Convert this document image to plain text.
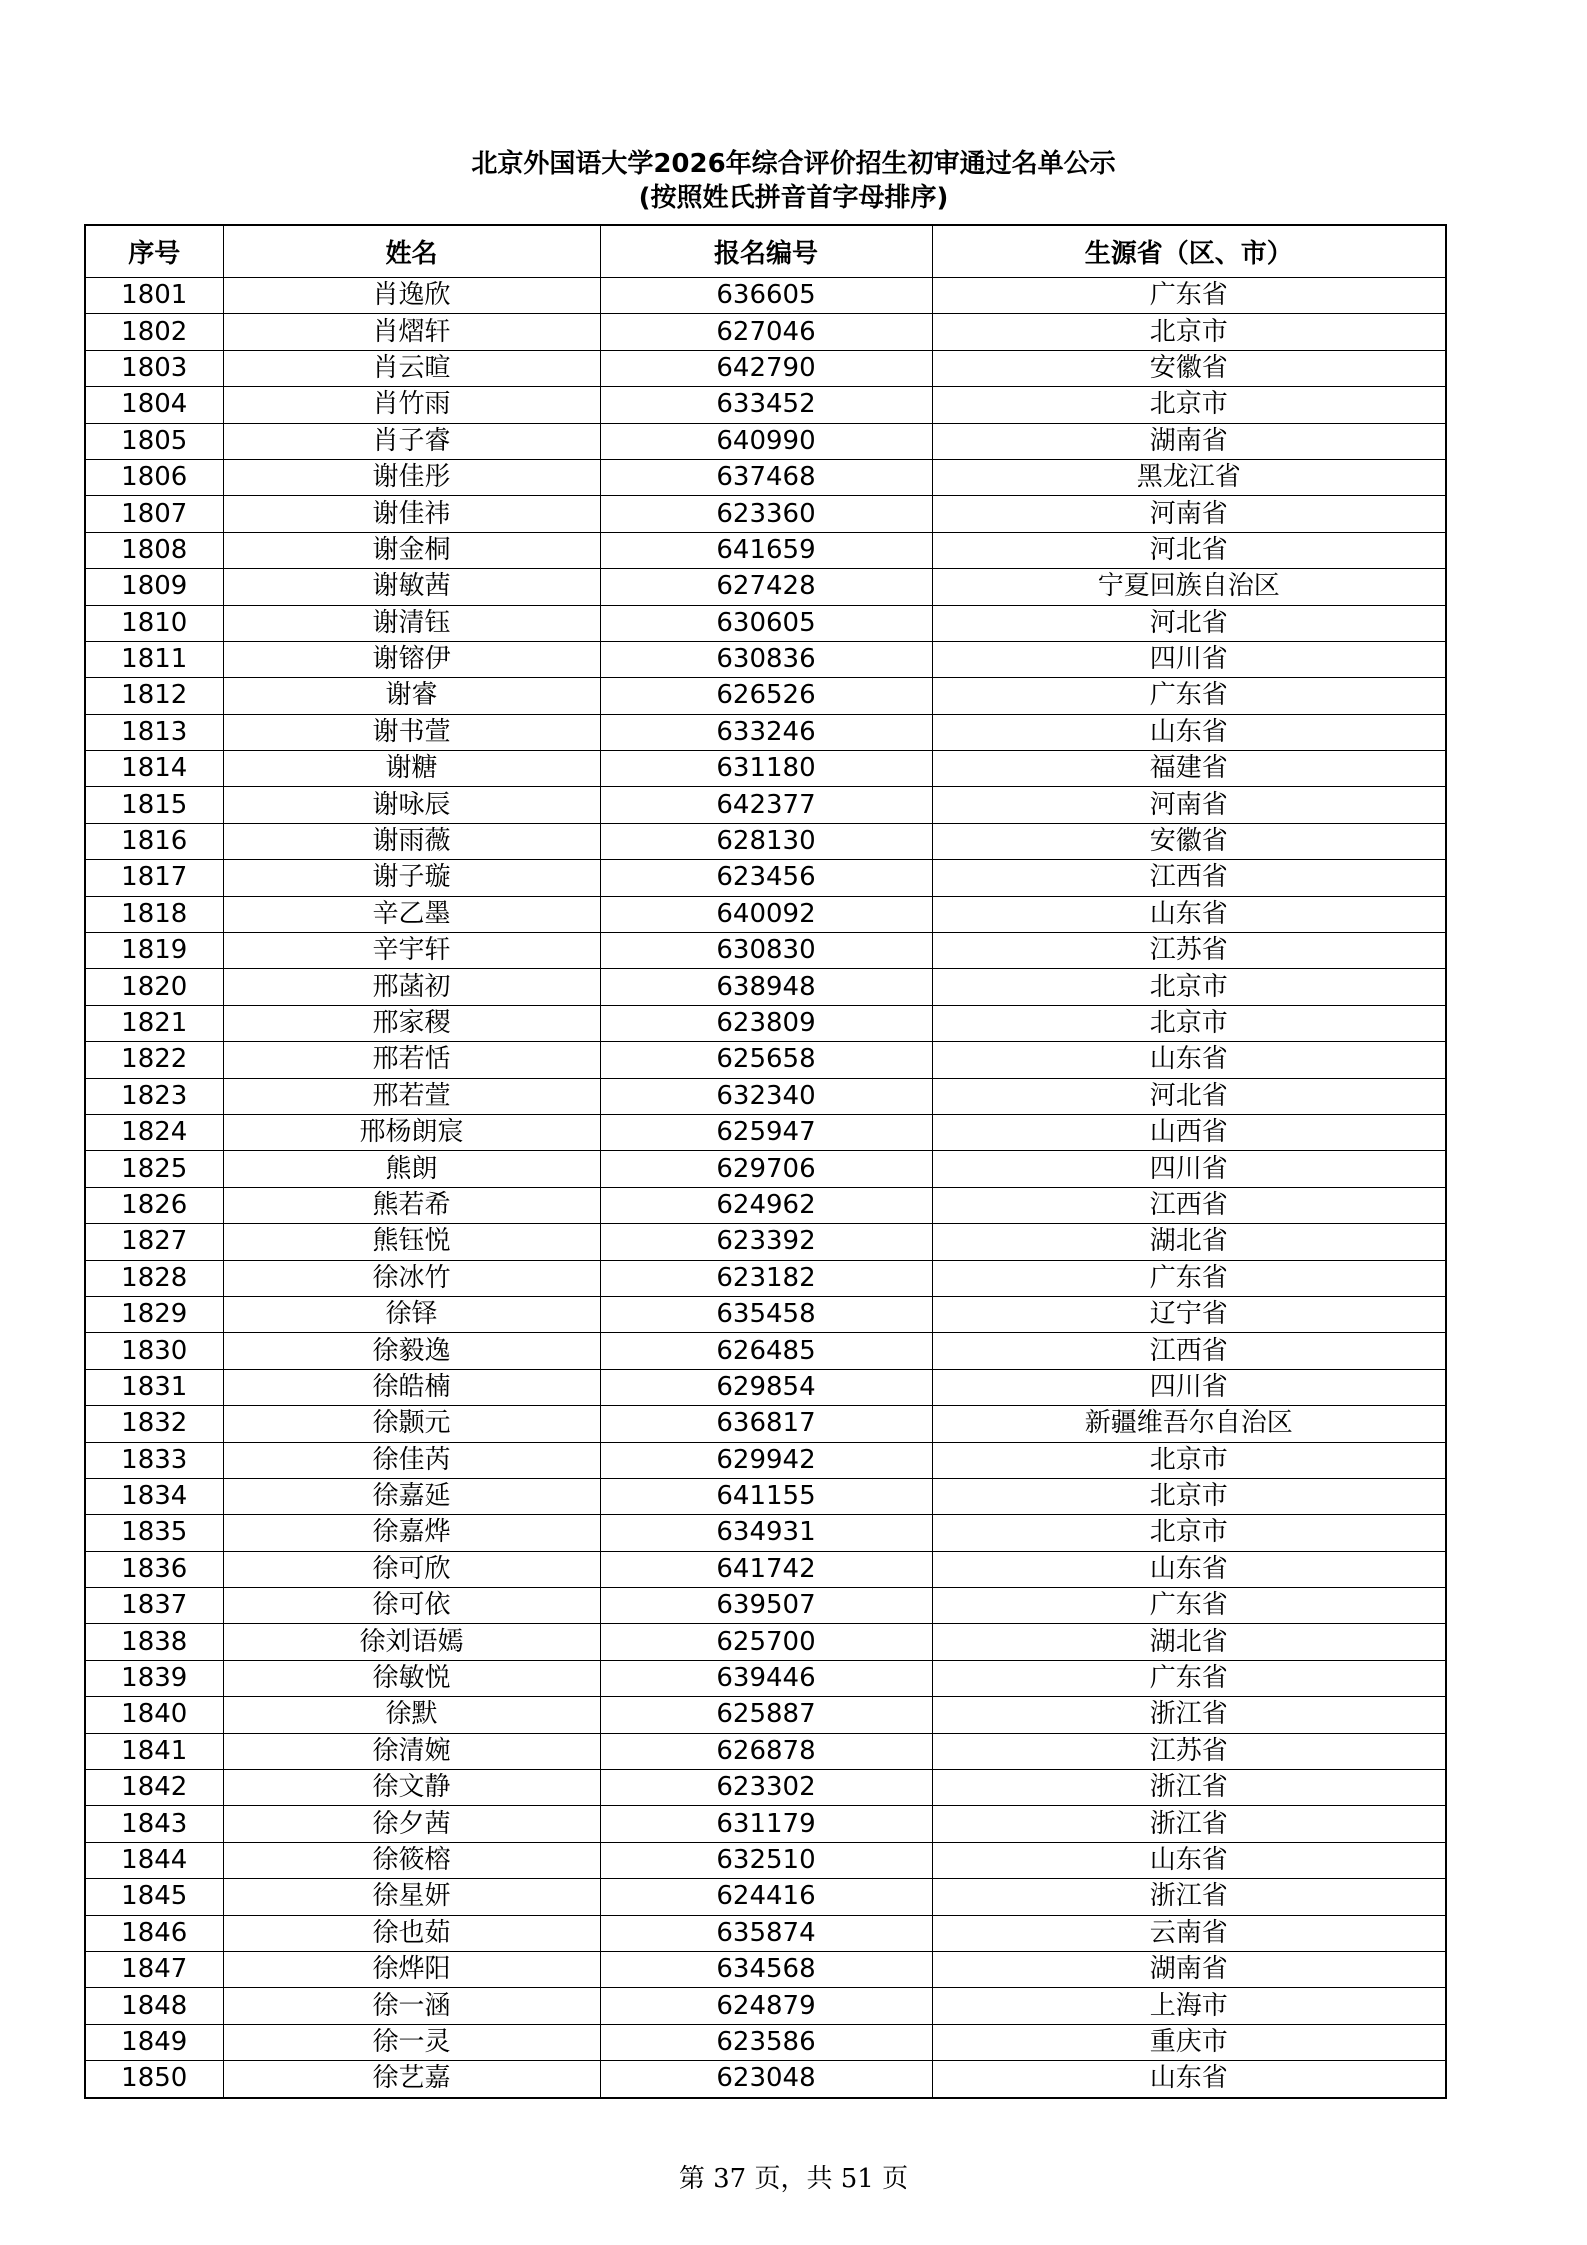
北京外国语大学2026年综合评价招生初审通过名单公示
(按照姓氏拼音首字母排序)
序号	姓名	报名编号	生源省（区、市）
1801	肖逸欣	636605	广东省
1802	肖熠轩	627046	北京市
1803	肖云暄	642790	安徽省
1804	肖竹雨	633452	北京市
1805	肖子睿	640990	湖南省
1806	谢佳彤	637468	黑龙江省
1807	谢佳祎	623360	河南省
1808	谢金桐	641659	河北省
1809	谢敏茜	627428	宁夏回族自治区
1810	谢清钰	630605	河北省
1811	谢镕伊	630836	四川省
1812	谢睿	626526	广东省
1813	谢书萱	633246	山东省
1814	谢糖	631180	福建省
1815	谢咏辰	642377	河南省
1816	谢雨薇	628130	安徽省
1817	谢子璇	623456	江西省
1818	辛乙墨	640092	山东省
1819	辛宇轩	630830	江苏省
1820	邢菡初	638948	北京市
1821	邢家稷	623809	北京市
1822	邢若恬	625658	山东省
1823	邢若萱	632340	河北省
1824	邢杨朗宸	625947	山西省
1825	熊朗	629706	四川省
1826	熊若希	624962	江西省
1827	熊钰悦	623392	湖北省
1828	徐冰竹	623182	广东省
1829	徐铎	635458	辽宁省
1830	徐毅逸	626485	江西省
1831	徐皓楠	629854	四川省
1832	徐颢元	636817	新疆维吾尔自治区
1833	徐佳芮	629942	北京市
1834	徐嘉延	641155	北京市
1835	徐嘉烨	634931	北京市
1836	徐可欣	641742	山东省
1837	徐可依	639507	广东省
1838	徐刘语嫣	625700	湖北省
1839	徐敏悦	639446	广东省
1840	徐默	625887	浙江省
1841	徐清婉	626878	江苏省
1842	徐文静	623302	浙江省
1843	徐夕茜	631179	浙江省
1844	徐筱榕	632510	山东省
1845	徐星妍	624416	浙江省
1846	徐也茹	635874	云南省
1847	徐烨阳	634568	湖南省
1848	徐一涵	624879	上海市
1849	徐一灵	623586	重庆市
1850	徐艺嘉	623048	山东省
第 37 页，共 51 页
